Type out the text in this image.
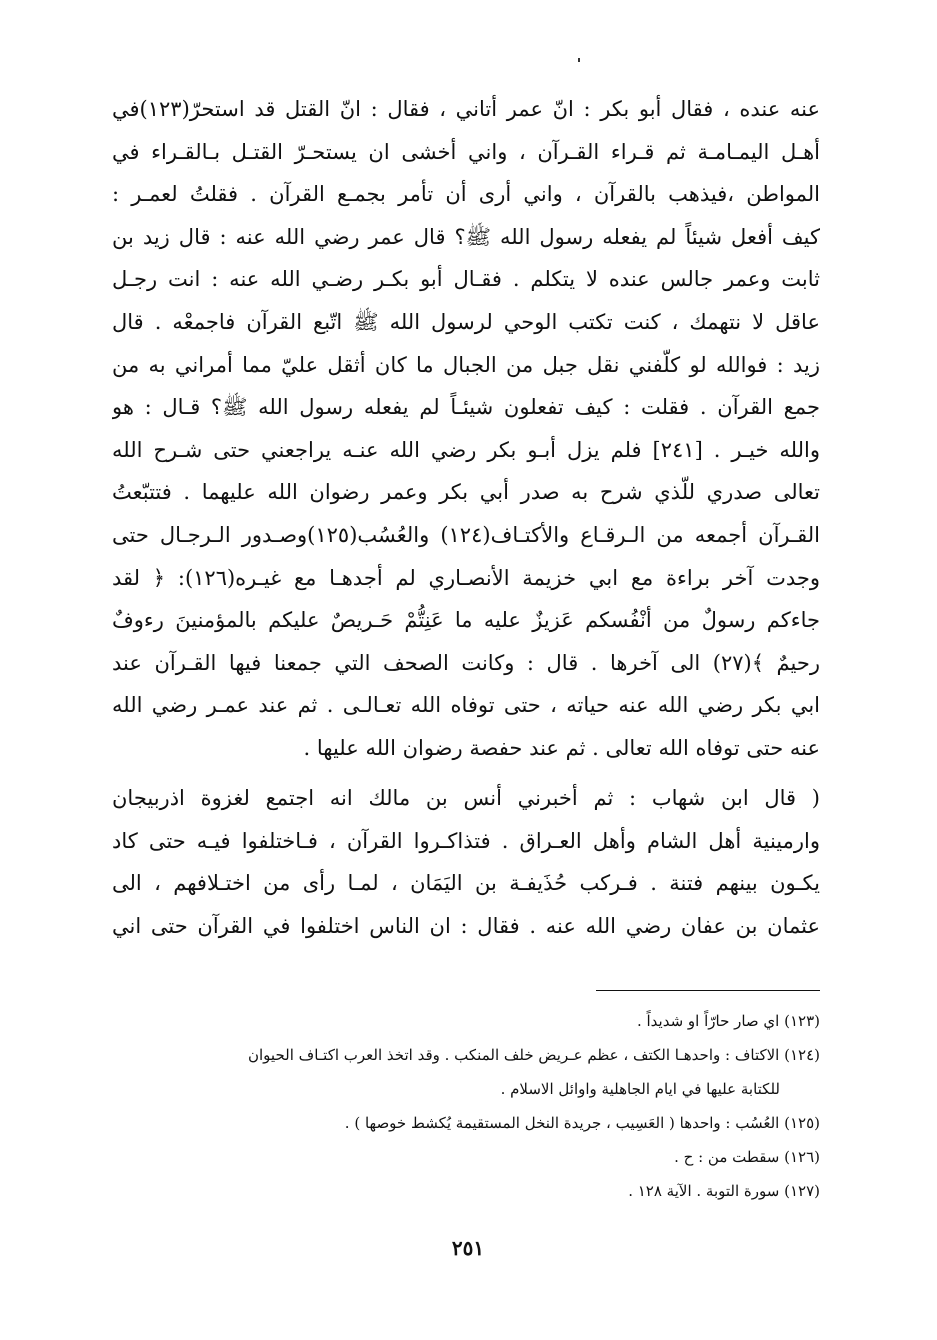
عنه عنده ، فقال أبو بكر : انّ عمر أتاني ، فقال : انّ القتل قد استحرّ(١٢٣)في
أهـل اليمـامـة ثم قـراء القـرآن ، واني أخشى ان يستحـرّ القتـل بـالقـراء في
المواطن ،فيذهب بالقرآن ، واني أرى أن تأمر بجمـع القرآن . فقلتُ لعمـر :
كيف أفعل شيئاً لم يفعله رسول الله ﷺ؟ قال عمر رضي الله عنه : قال زيد بن
ثابت وعمر جالس عنده لا يتكلم . فقـال أبو بكـر رضـي الله عنه : انت رجـل
عاقل لا نتهمك ، كنت تكتب الوحي لرسول الله ﷺ اتّبع القرآن فاجمعْه . قال
زيد : فوالله لو كلّفني نقل جبل من الجبال ما كان أثقل عليّ مما أمراني به من
جمع القرآن . فقلت : كيف تفعلون شيئـاً لم يفعله رسول الله ﷺ؟ قـال : هو
والله خيـر . [٢٤١] فلم يزل أبـو بكر رضي الله عنـه يراجعني حتى شـرح الله
تعالى صدري للّذي شرح به صدر أبي بكر وعمر رضوان الله عليهما . فتتبّعتُ
القـرآن أجمعه من الـرقـاع والأكتـاف(١٢٤) والعُسُب(١٢٥)وصـدور الـرجـال حتى
وجدت آخر براءة مع ابي خزيمة الأنصـاري لم أجدهـا مع غيـره(١٢٦): ﴿ لقد
جاءكم رسولٌ من أنْفُسكم عَزيزٌ عليه ما عَنِتُّمْ حَـريصٌ عليكم بالمؤمنينَ رءوفٌ
رحيمٌ ﴾(٢٧) الى آخرها . قال : وكانت الصحف التي جمعنا فيها القـرآن عند
ابي بكر رضي الله عنه حياته ، حتى توفاه الله تعـالـى . ثم عند عمـر رضي الله
عنه حتى توفاه الله تعالى . ثم عند حفصة رضوان الله عليها .
( قال ابن شهاب : ثم أخبرني أنس بن مالك انه اجتمع لغزوة اذربيجان
وارمينية أهل الشام وأهل العـراق . فتذاكـروا القرآن ، فـاختلفوا فيـه حتى كاد
يكـون بينهم فتنة . فـركب حُذَيفـة بن اليَمَان ، لمـا رأى من اختـلافهم ، الى
عثمان بن عفان رضي الله عنه . فقال : ان الناس اختلفوا في القرآن حتى اني
(١٢٣) اي صار حارّاً او شديداً .
(١٢٤) الاكتاف : واحدهـا الكتف ، عظم عـريض خلف المنكب . وقد اتخذ العرب اكتـاف الحيوان
للكتابة عليها في ايام الجاهلية واوائل الاسلام .
(١٢٥) العُسُب : واحدها ( العَسِيب ، جريدة النخل المستقيمة يُكشط خوصها ) .
(١٢٦) سقطت من : ح .
(١٢٧) سورة التوبة . الآية ١٢٨ .
٢٥١
